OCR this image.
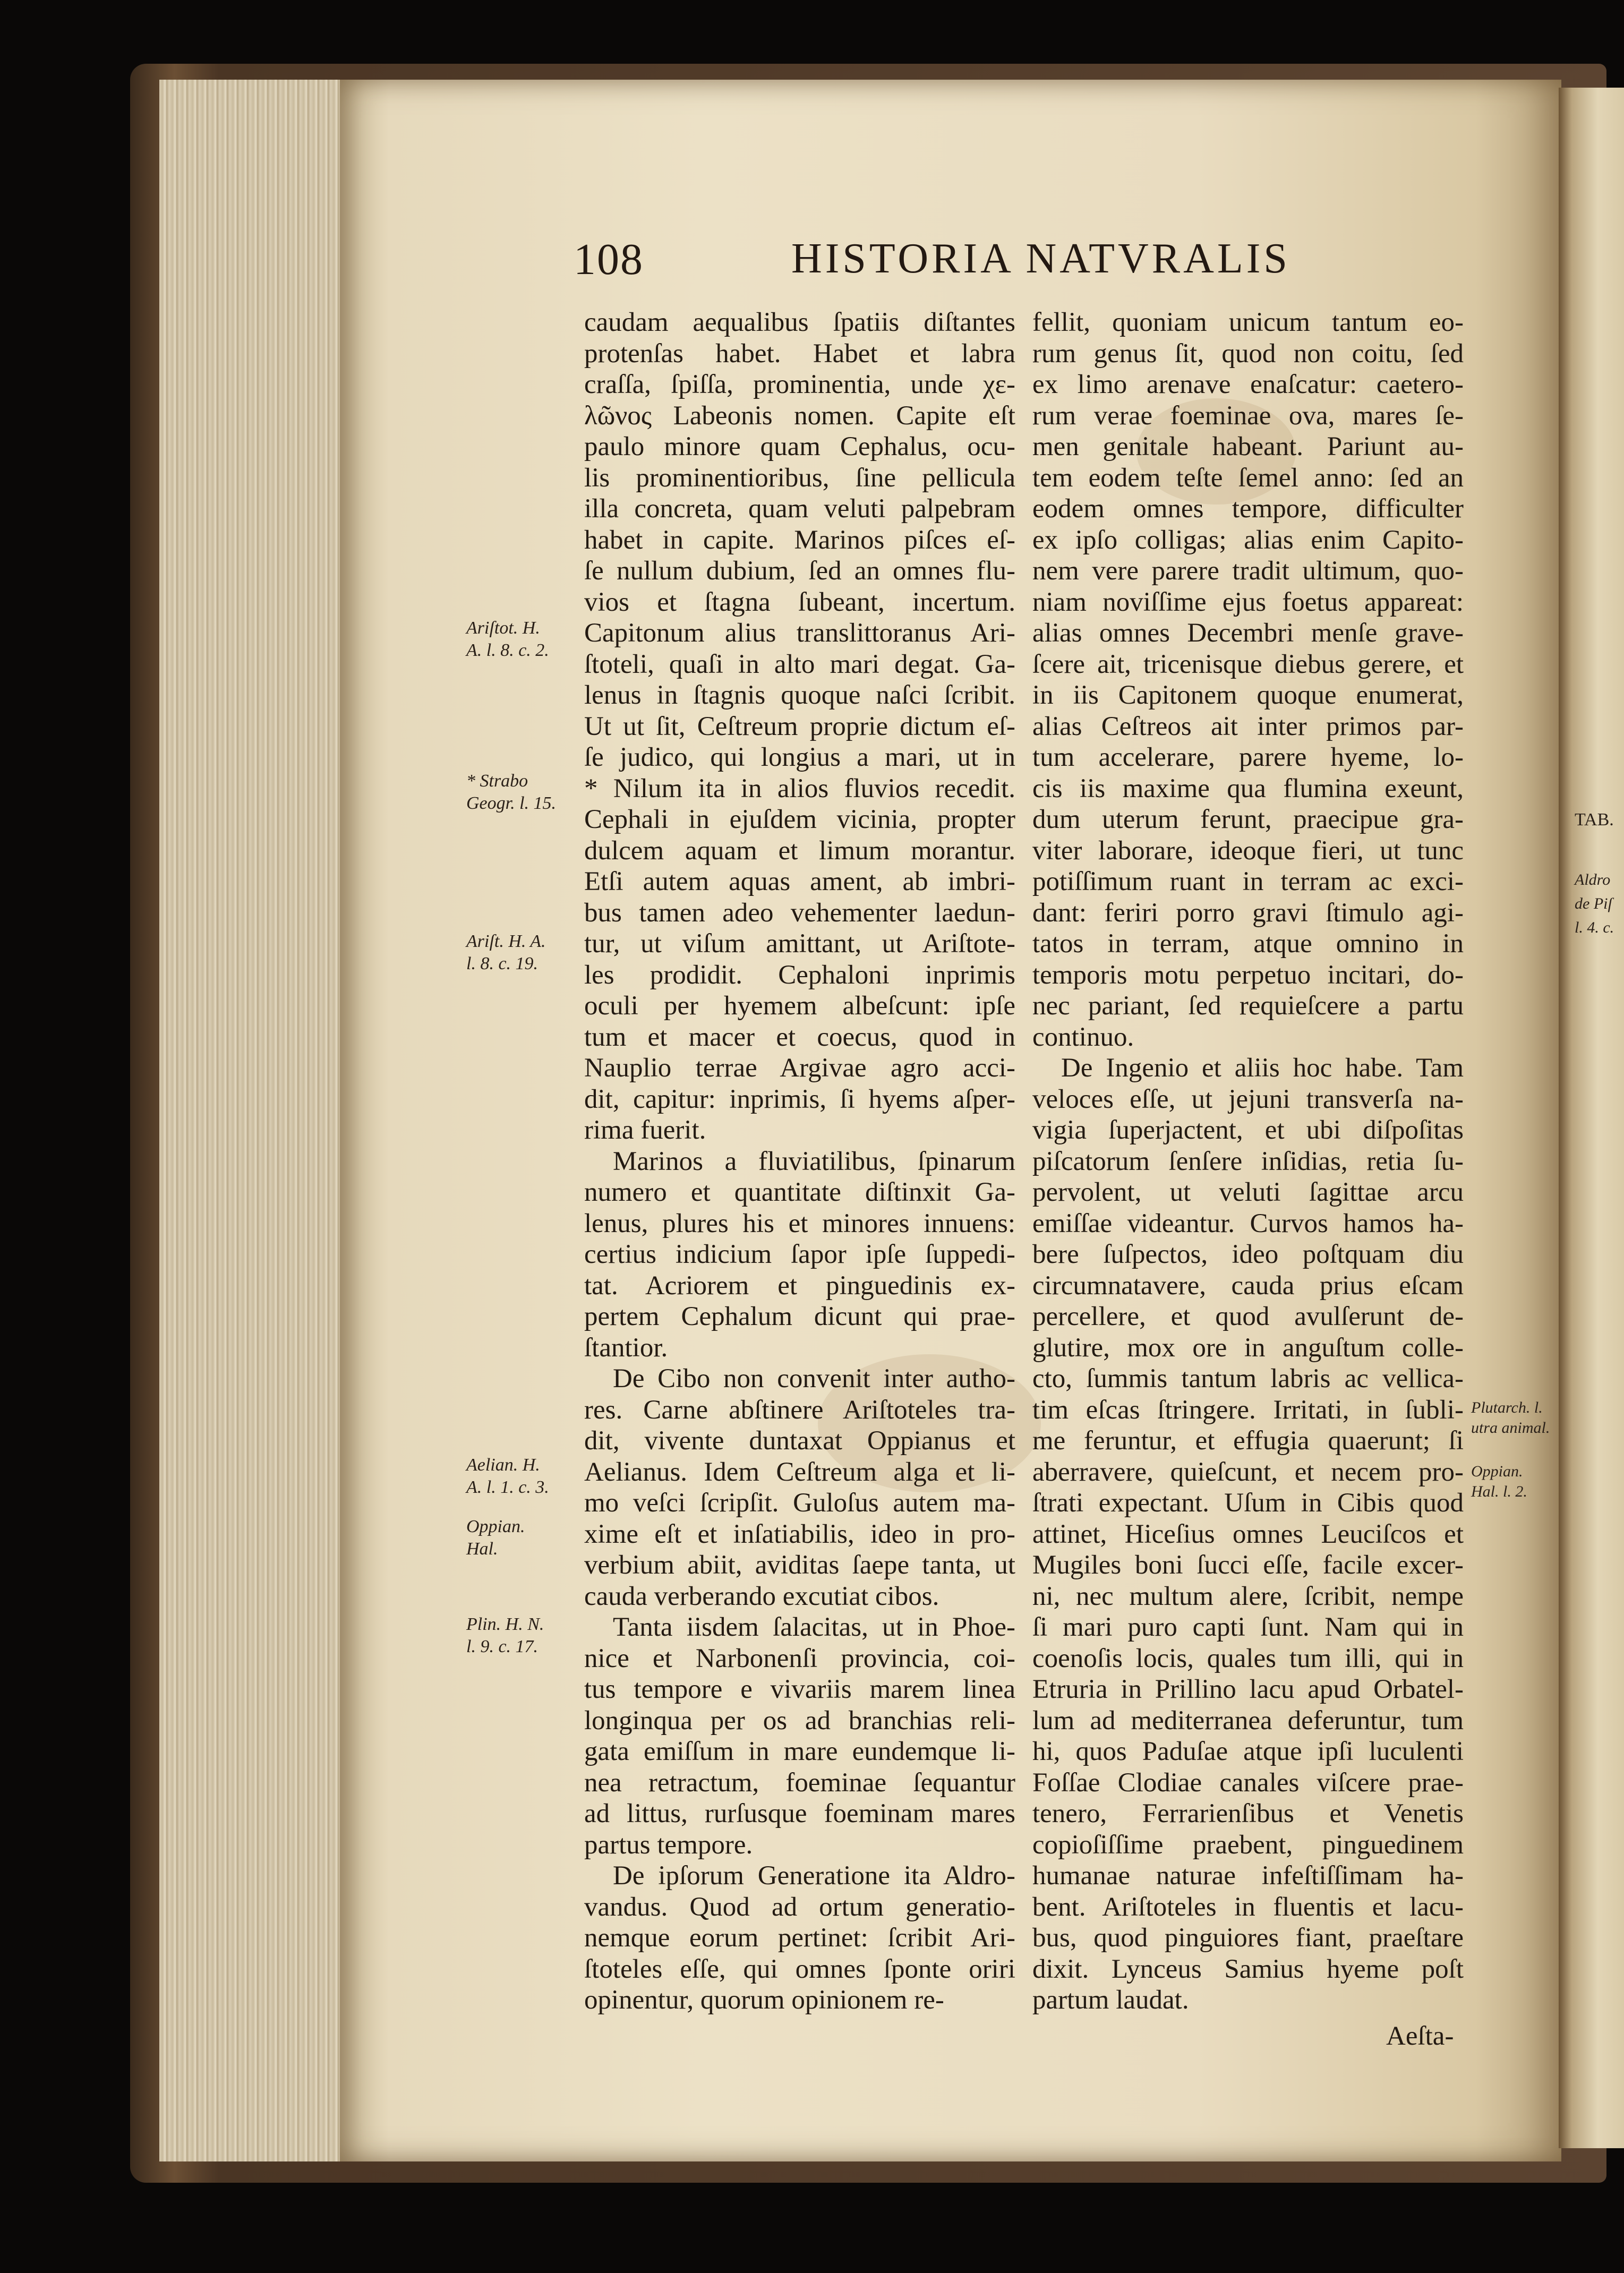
TAB.
Aldro
de Piſ
l. 4. c.
108	HISTORIA NATVRALIS
caudam aequalibus ſpatiis diſtantes
protenſas habet. Habet et labra
craſſa, ſpiſſa, prominentia, unde χε-
λῶνος Labeonis nomen. Capite eſt
paulo minore quam Cephalus, ocu-
lis prominentioribus, ſine pellicula
illa concreta, quam veluti palpebram
habet in capite. Marinos piſces eſ-
ſe nullum dubium, ſed an omnes flu-
vios et ſtagna ſubeant, incertum.
Capitonum alius translittoranus Ari-
ſtoteli, quaſi in alto mari degat. Ga-
lenus in ſtagnis quoque naſci ſcribit.
Ut ut ſit, Ceſtreum proprie dictum eſ-
ſe judico, qui longius a mari, ut in
* Nilum ita in alios fluvios recedit.
Cephali in ejuſdem vicinia, propter
dulcem aquam et limum morantur.
Etſi autem aquas ament, ab imbri-
bus tamen adeo vehementer laedun-
tur, ut viſum amittant, ut Ariſtote-
les prodidit. Cephaloni inprimis
oculi per hyemem albeſcunt: ipſe
tum et macer et coecus, quod in
Nauplio terrae Argivae agro acci-
dit, capitur: inprimis, ſi hyems aſper-
rima fuerit.
Marinos a fluviatilibus, ſpinarum
numero et quantitate diſtinxit Ga-
lenus, plures his et minores innuens:
certius indicium ſapor ipſe ſuppedi-
tat. Acriorem et pinguedinis ex-
pertem Cephalum dicunt qui prae-
ſtantior.
De Cibo non convenit inter autho-
res. Carne abſtinere Ariſtoteles tra-
dit, vivente duntaxat Oppianus et
Aelianus. Idem Ceſtreum alga et li-
mo veſci ſcripſit. Guloſus autem ma-
xime eſt et inſatiabilis, ideo in pro-
verbium abiit, aviditas ſaepe tanta, ut
cauda verberando excutiat cibos.
Tanta iisdem ſalacitas, ut in Phoe-
nice et Narbonenſi provincia, coi-
tus tempore e vivariis marem linea
longinqua per os ad branchias reli-
gata emiſſum in mare eundemque li-
nea retractum, foeminae ſequantur
ad littus, rurſusque foeminam mares
partus tempore.
De ipſorum Generatione ita Aldro-
vandus. Quod ad ortum generatio-
nemque eorum pertinet: ſcribit Ari-
ſtoteles eſſe, qui omnes ſponte oriri
opinentur, quorum opinionem re-
fellit, quoniam unicum tantum eo-
rum genus ſit, quod non coitu, ſed
ex limo arenave enaſcatur: caetero-
rum verae foeminae ova, mares ſe-
men genitale habeant. Pariunt au-
tem eodem teſte ſemel anno: ſed an
eodem omnes tempore, difficulter
ex ipſo colligas; alias enim Capito-
nem vere parere tradit ultimum, quo-
niam noviſſime ejus foetus appareat:
alias omnes Decembri menſe grave-
ſcere ait, tricenisque diebus gerere, et
in iis Capitonem quoque enumerat,
alias Ceſtreos ait inter primos par-
tum accelerare, parere hyeme, lo-
cis iis maxime qua flumina exeunt,
dum uterum ferunt, praecipue gra-
viter laborare, ideoque fieri, ut tunc
potiſſimum ruant in terram ac exci-
dant: feriri porro gravi ſtimulo agi-
tatos in terram, atque omnino in
temporis motu perpetuo incitari, do-
nec pariant, ſed requieſcere a partu
continuo.
De Ingenio et aliis hoc habe. Tam
veloces eſſe, ut jejuni transverſa na-
vigia ſuperjactent, et ubi diſpoſitas
piſcatorum ſenſere inſidias, retia ſu-
pervolent, ut veluti ſagittae arcu
emiſſae videantur. Curvos hamos ha-
bere ſuſpectos, ideo poſtquam diu
circumnatavere, cauda prius eſcam
percellere, et quod avulſerunt de-
glutire, mox ore in anguſtum colle-
cto, ſummis tantum labris ac vellica-
tim eſcas ſtringere. Irritati, in ſubli-
me feruntur, et effugia quaerunt; ſi
aberravere, quieſcunt, et necem pro-
ſtrati expectant. Uſum in Cibis quod
attinet, Hiceſius omnes Leuciſcos et
Mugiles boni ſucci eſſe, facile excer-
ni, nec multum alere, ſcribit, nempe
ſi mari puro capti ſunt. Nam qui in
coenoſis locis, quales tum illi, qui in
Etruria in Prillino lacu apud Orbatel-
lum ad mediterranea deferuntur, tum
hi, quos Paduſae atque ipſi luculenti
Foſſae Clodiae canales viſcere prae-
tenero, Ferrarienſibus et Venetis
copioſiſſime praebent, pinguedinem
humanae naturae infeſtiſſimam ha-
bent. Ariſtoteles in fluentis et lacu-
bus, quod pinguiores fiant, praeſtare
dixit. Lynceus Samius hyeme poſt
partum laudat.
Ariſtot. H.
A. l. 8. c. 2.
* Strabo
Geogr. l. 15.
Ariſt. H. A.
l. 8. c. 19.
Aelian. H.
A. l. 1. c. 3.
Oppian.
Hal.
Plin. H. N.
l. 9. c. 17.
Plutarch. l.
utra animal.
Oppian.
Hal. l. 2.
Aeſta-
